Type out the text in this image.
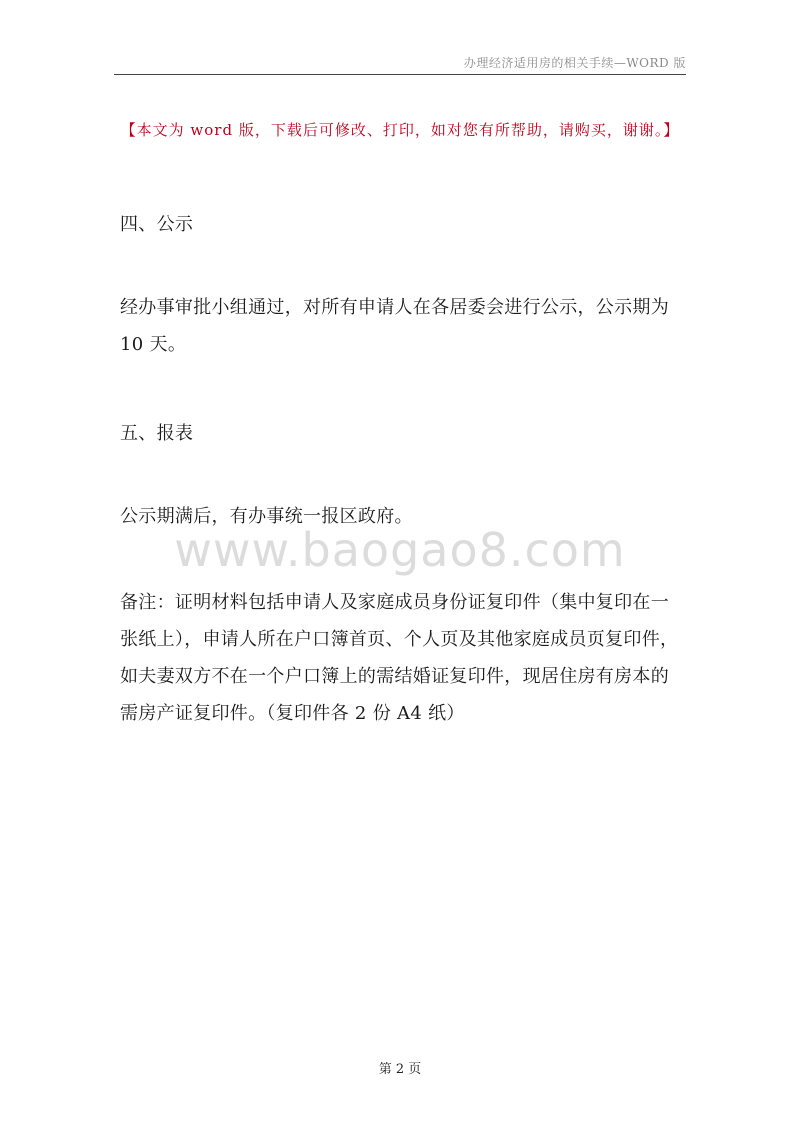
办理经济适用房的相关手续—WORD 版
【本文为 word 版，下载后可修改、打印，如对您有所帮助，请购买，谢谢。】
四、公示
经办事审批小组通过，对所有申请人在各居委会进行公示，公示期为
10 天。
五、报表
公示期满后，有办事统一报区政府。
www.baogao8.com
备注：证明材料包括申请人及家庭成员身份证复印件（集中复印在一
张纸上），申请人所在户口簿首页、个人页及其他家庭成员页复印件，
如夫妻双方不在一个户口簿上的需结婚证复印件，现居住房有房本的
需房产证复印件。（复印件各 2 份 A4 纸）
第 2 页
